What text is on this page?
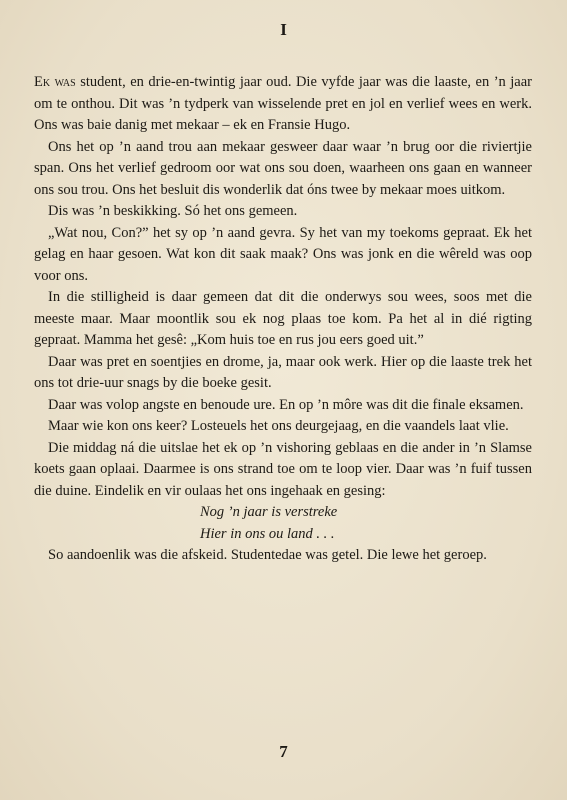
I

Ek was student, en drie-en-twintig jaar oud. Die vyfde jaar was die laaste, en ’n jaar om te onthou. Dit was ’n tydperk van wisselende pret en jol en verlief wees en werk. Ons was baie danig met mekaar – ek en Fransie Hugo.

Ons het op ’n aand trou aan mekaar gesweer daar waar ’n brug oor die riviertjie span. Ons het verlief gedroom oor wat ons sou doen, waarheen ons gaan en wanneer ons sou trou. Ons het besluit dis wonderlik dat óns twee by mekaar moes uitkom.

Dis was ’n beskikking. Só het ons gemeen.

„Wat nou, Con?” het sy op ’n aand gevra. Sy het van my toekoms gepraat. Ek het gelag en haar gesoen. Wat kon dit saak maak? Ons was jonk en die wêreld was oop voor ons.

In die stilligheid is daar gemeen dat dit die onderwys sou wees, soos met die meeste maar. Maar moontlik sou ek nog plaas toe kom. Pa het al in dié rigting gepraat. Mamma het gesê: „Kom huis toe en rus jou eers goed uit.”

Daar was pret en soentjies en drome, ja, maar ook werk. Hier op die laaste trek het ons tot drie-uur snags by die boeke gesit.

Daar was volop angste en benoude ure. En op ’n môre was dit die finale eksamen.

Maar wie kon ons keer? Losteuels het ons deurgejaag, en die vaandels laat vlie.

Die middag ná die uitslae het ek op ’n vishoring geblaas en die ander in ’n Slamse koets gaan oplaai. Daarmee is ons strand toe om te loop vier. Daar was ’n fuif tussen die duine. Eindelik en vir oulaas het ons ingehaak en gesing:

Nog ’n jaar is verstreke
Hier in ons ou land . . .

So aandoenlik was die afskeid. Studentedae was getel. Die lewe het geroep.

7
